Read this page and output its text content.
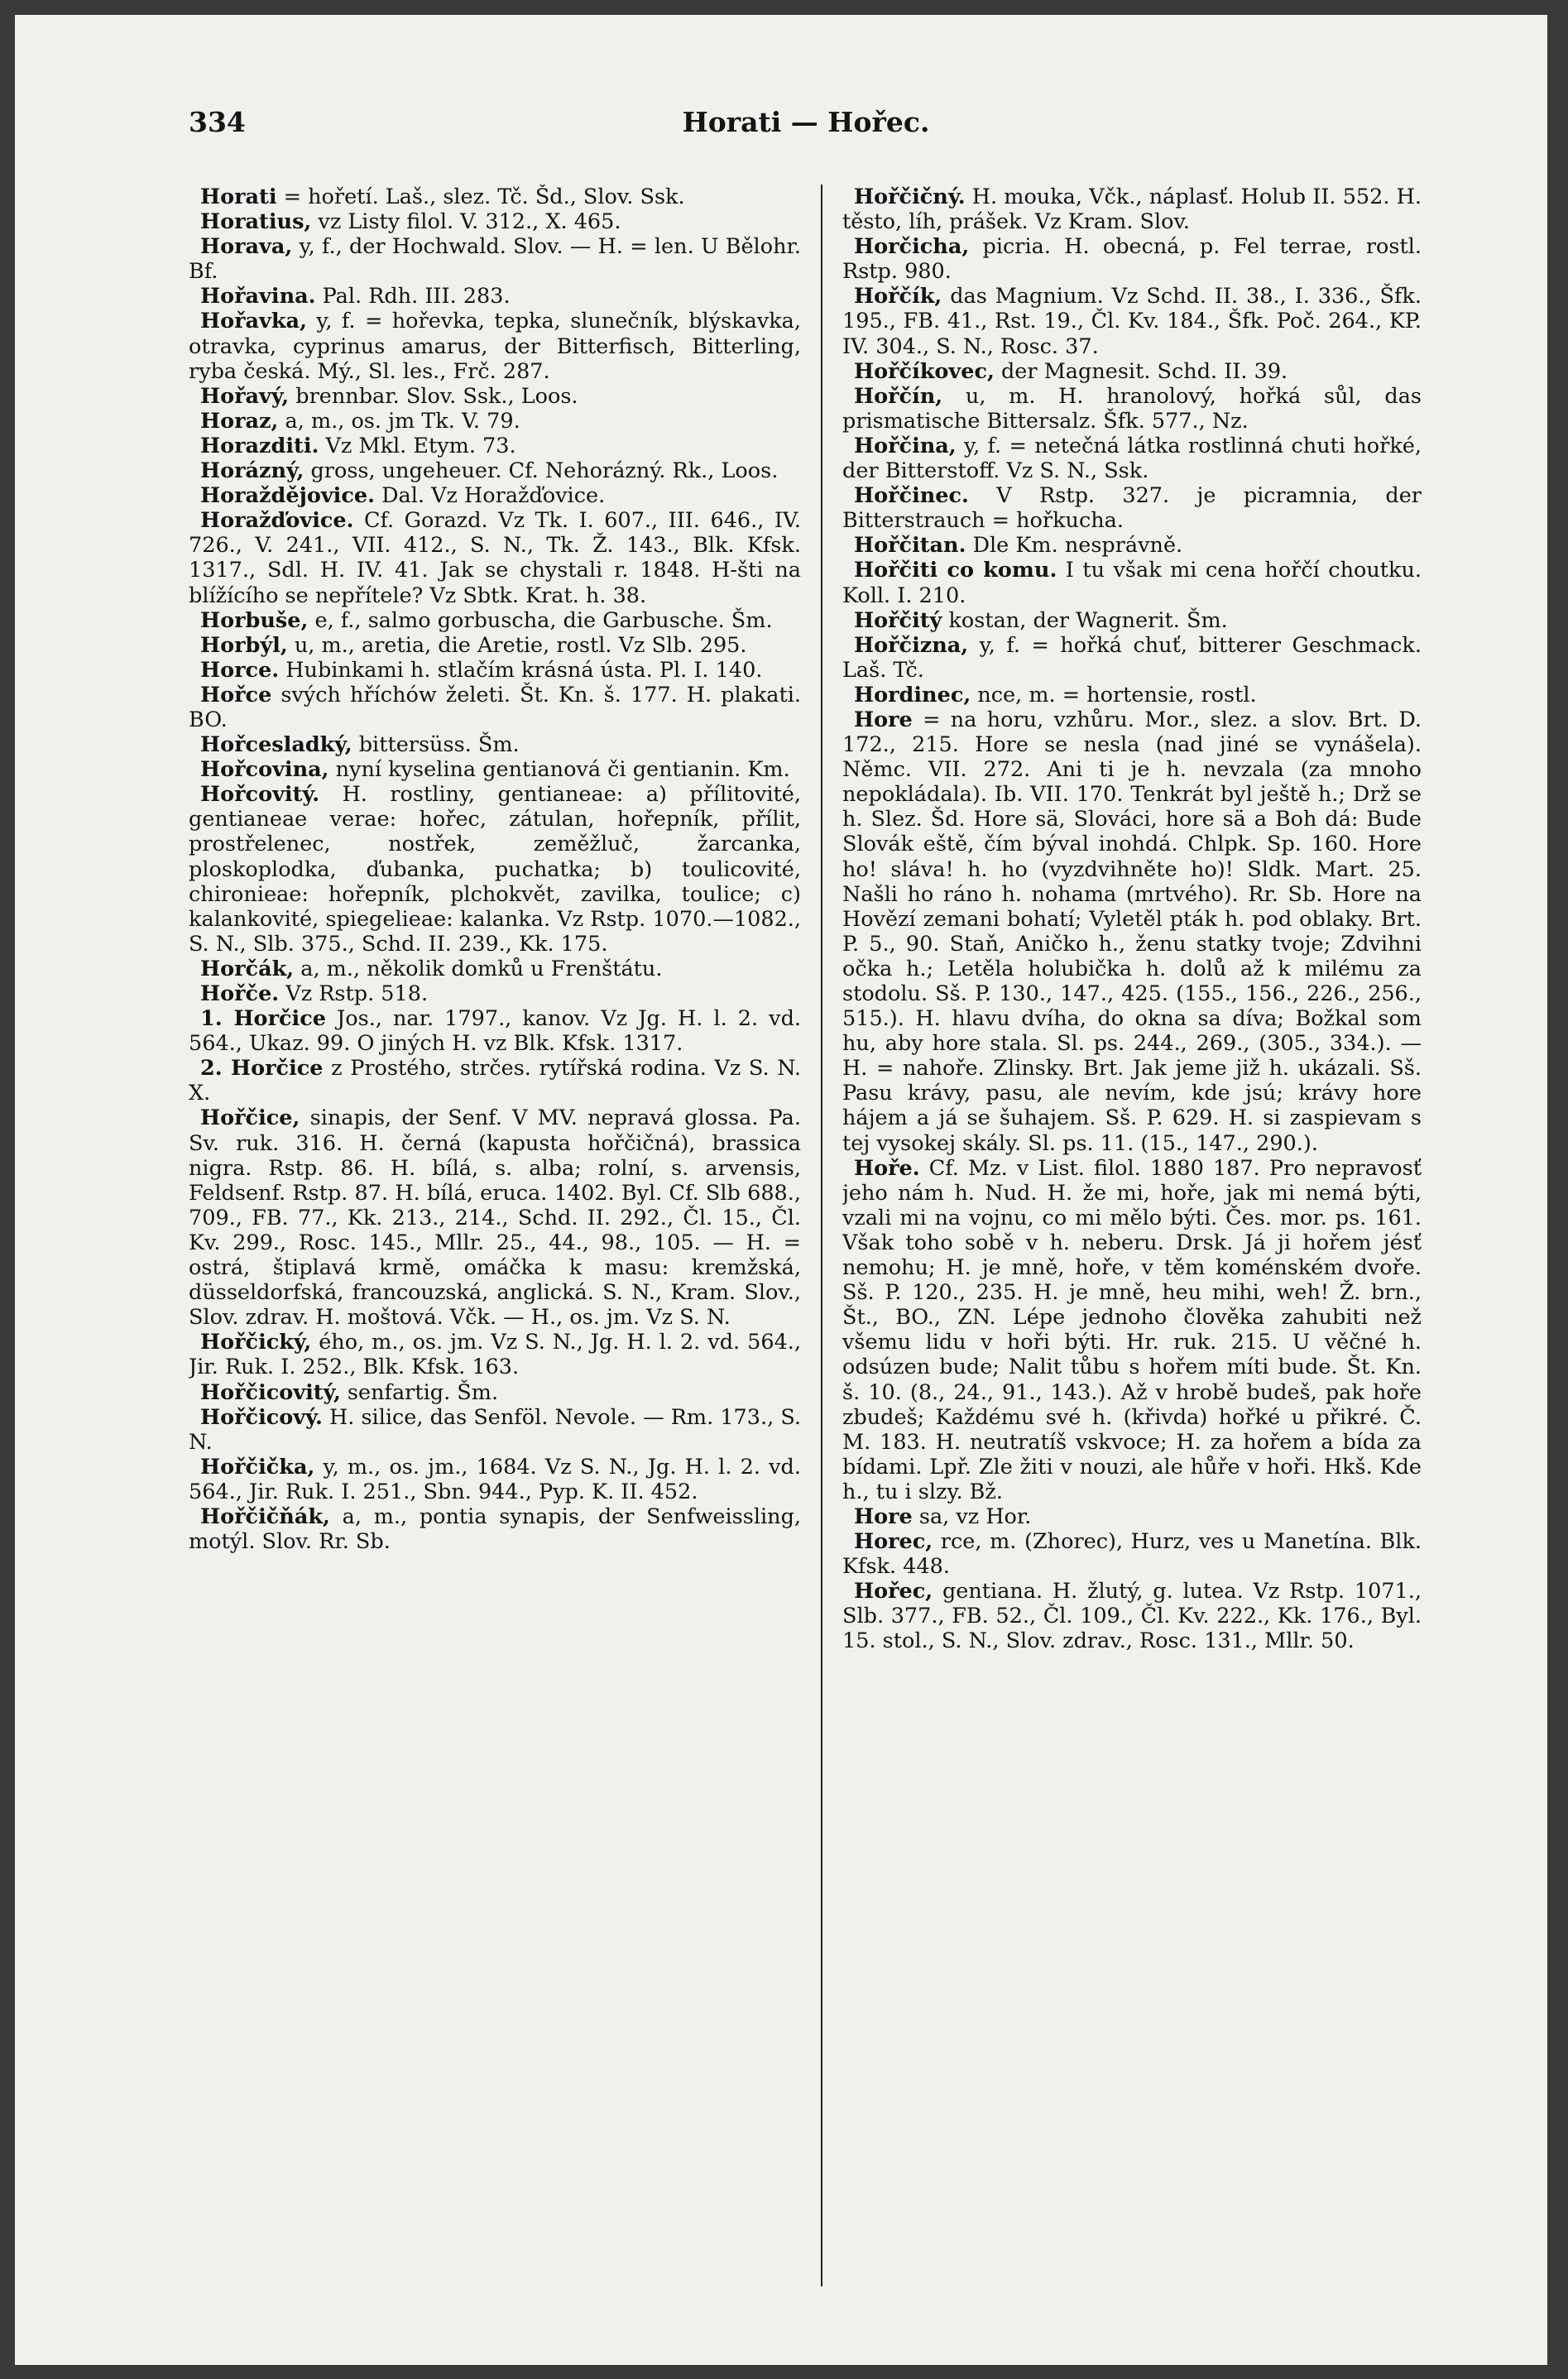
334	Horati — Hořec.

Horati = hořetí. Laš., slez. Tč. Šd., Slov. Ssk.

Horatius, vz Listy filol. V. 312., X. 465.

Horava, y, f., der Hochwald. Slov. — H. = len. U Bělohr. Bf.

Hořavina. Pal. Rdh. III. 283.

Hořavka, y, f. = hořevka, tepka, slunečník, blýskavka, otravka, cyprinus amarus, der Bitterfisch, Bitterling, ryba česká. Mý., Sl. les., Frč. 287.

Hořavý, brennbar. Slov. Ssk., Loos.

Horaz, a, m., os. jm Tk. V. 79.

Horazditi. Vz Mkl. Etym. 73.

Horázný, gross, ungeheuer. Cf. Nehorázný. Rk., Loos.

Horaždějovice. Dal. Vz Horažďovice.

Horažďovice. Cf. Gorazd. Vz Tk. I. 607., III. 646., IV. 726., V. 241., VII. 412., S. N., Tk. Ž. 143., Blk. Kfsk. 1317., Sdl. H. IV. 41. Jak se chystali r. 1848. H-šti na blížícího se nepřítele? Vz Sbtk. Krat. h. 38.

Horbuše, e, f., salmo gorbuscha, die Garbusche. Šm.

Horbýl, u, m., aretia, die Aretie, rostl. Vz Slb. 295.

Horce. Hubinkami h. stlačím krásná ústa. Pl. I. 140.

Hořce svých hříchów želeti. Št. Kn. š. 177. H. plakati. BO.

Hořcesladký, bittersüss. Šm.

Hořcovina, nyní kyselina gentianová či gentianin. Km.

Hořcovitý. H. rostliny, gentianeae: a) přílitovité, gentianeae verae: hořec, zátulan, hořepník, přílit, prostřelenec, nostřek, zeměžluč, žarcanka, ploskoplodka, ďubanka, puchatka; b) toulicovité, chironieae: hořepník, plchokvět, zavilka, toulice; c) kalankovité, spiegelieae: kalanka. Vz Rstp. 1070.—1082., S. N., Slb. 375., Schd. II. 239., Kk. 175.

Horčák, a, m., několik domků u Frenštátu.

Hořče. Vz Rstp. 518.

1. Horčice Jos., nar. 1797., kanov. Vz Jg. H. l. 2. vd. 564., Ukaz. 99. O jiných H. vz Blk. Kfsk. 1317.

2. Horčice z Prostého, strčes. rytířská rodina. Vz S. N. X.

Hořčice, sinapis, der Senf. V MV. nepravá glossa. Pa. Sv. ruk. 316. H. černá (kapusta hořčičná), brassica nigra. Rstp. 86. H. bílá, s. alba; rolní, s. arvensis, Feldsenf. Rstp. 87. H. bílá, eruca. 1402. Byl. Cf. Slb 688., 709., FB. 77., Kk. 213., 214., Schd. II. 292., Čl. 15., Čl. Kv. 299., Rosc. 145., Mllr. 25., 44., 98., 105. — H. = ostrá, štiplavá krmě, omáčka k masu: kremžská, düsseldorfská, francouzská, anglická. S. N., Kram. Slov., Slov. zdrav. H. moštová. Včk. — H., os. jm. Vz S. N.

Hořčický, ého, m., os. jm. Vz S. N., Jg. H. l. 2. vd. 564., Jir. Ruk. I. 252., Blk. Kfsk. 163.

Hořčicovitý, senfartig. Šm.

Hořčicový. H. silice, das Senföl. Nevole. — Rm. 173., S. N.

Hořčička, y, m., os. jm., 1684. Vz S. N., Jg. H. l. 2. vd. 564., Jir. Ruk. I. 251., Sbn. 944., Pyp. K. II. 452.

Hořčičňák, a, m., pontia synapis, der Senfweissling, motýl. Slov. Rr. Sb.

Hořčičný. H. mouka, Včk., náplasť. Holub II. 552. H. těsto, líh, prášek. Vz Kram. Slov.

Horčicha, picria. H. obecná, p. Fel terrae, rostl. Rstp. 980.

Hořčík, das Magnium. Vz Schd. II. 38., I. 336., Šfk. 195., FB. 41., Rst. 19., Čl. Kv. 184., Šfk. Poč. 264., KP. IV. 304., S. N., Rosc. 37.

Hořčíkovec, der Magnesit. Schd. II. 39.

Hořčín, u, m. H. hranolový, hořká sůl, das prismatische Bittersalz. Šfk. 577., Nz.

Hořčina, y, f. = netečná látka rostlinná chuti hořké, der Bitterstoff. Vz S. N., Ssk.

Hořčinec. V Rstp. 327. je picramnia, der Bitterstrauch = hořkucha.

Hořčitan. Dle Km. nesprávně.

Hořčiti co komu. I tu však mi cena hořčí choutku. Koll. I. 210.

Hořčitý kostan, der Wagnerit. Šm.

Hořčizna, y, f. = hořká chuť, bitterer Geschmack. Laš. Tč.

Hordinec, nce, m. = hortensie, rostl.

Hore = na horu, vzhůru. Mor., slez. a slov. Brt. D. 172., 215. Hore se nesla (nad jiné se vynášela). Němc. VII. 272. Ani ti je h. nevzala (za mnoho nepokládala). Ib. VII. 170. Tenkrát byl ještě h.; Drž se h. Slez. Šd. Hore sä, Slováci, hore sä a Boh dá: Bude Slovák eště, čím býval inohdá. Chlpk. Sp. 160. Hore ho! sláva! h. ho (vyzdvihněte ho)! Sldk. Mart. 25. Našli ho ráno h. nohama (mrtvého). Rr. Sb. Hore na Hovězí zemani bohatí; Vyletěl pták h. pod oblaky. Brt. P. 5., 90. Staň, Aničko h., ženu statky tvoje; Zdvihni očka h.; Letěla holubička h. dolů až k milému za stodolu. Sš. P. 130., 147., 425. (155., 156., 226., 256., 515.). H. hlavu dvíha, do okna sa díva; Božkal som hu, aby hore stala. Sl. ps. 244., 269., (305., 334.). — H. = nahoře. Zlinsky. Brt. Jak jeme již h. ukázali. Sš. Pasu krávy, pasu, ale nevím, kde jsú; krávy hore hájem a já se šuhajem. Sš. P. 629. H. si zaspievam s tej vysokej skály. Sl. ps. 11. (15., 147., 290.).

Hoře. Cf. Mz. v List. filol. 1880 187. Pro nepravosť jeho nám h. Nud. H. že mi, hoře, jak mi nemá býti, vzali mi na vojnu, co mi mělo býti. Čes. mor. ps. 161. Však toho sobě v h. neberu. Drsk. Já ji hořem jésť nemohu; H. je mně, hoře, v těm koménském dvoře. Sš. P. 120., 235. H. je mně, heu mihi, weh! Ž. brn., Št., BO., ZN. Lépe jednoho člověka zahubiti než všemu lidu v hoři býti. Hr. ruk. 215. U věčné h. odsúzen bude; Nalit tůbu s hořem míti bude. Št. Kn. š. 10. (8., 24., 91., 143.). Až v hrobě budeš, pak hoře zbudeš; Každému své h. (křivda) hořké u přikré. Č. M. 183. H. neutratíš vskvoce; H. za hořem a bída za bídami. Lpř. Zle žiti v nouzi, ale hůře v hoři. Hkš. Kde h., tu i slzy. Bž.

Hore sa, vz Hor.

Horec, rce, m. (Zhorec), Hurz, ves u Manetína. Blk. Kfsk. 448.

Hořec, gentiana. H. žlutý, g. lutea. Vz Rstp. 1071., Slb. 377., FB. 52., Čl. 109., Čl. Kv. 222., Kk. 176., Byl. 15. stol., S. N., Slov. zdrav., Rosc. 131., Mllr. 50.
